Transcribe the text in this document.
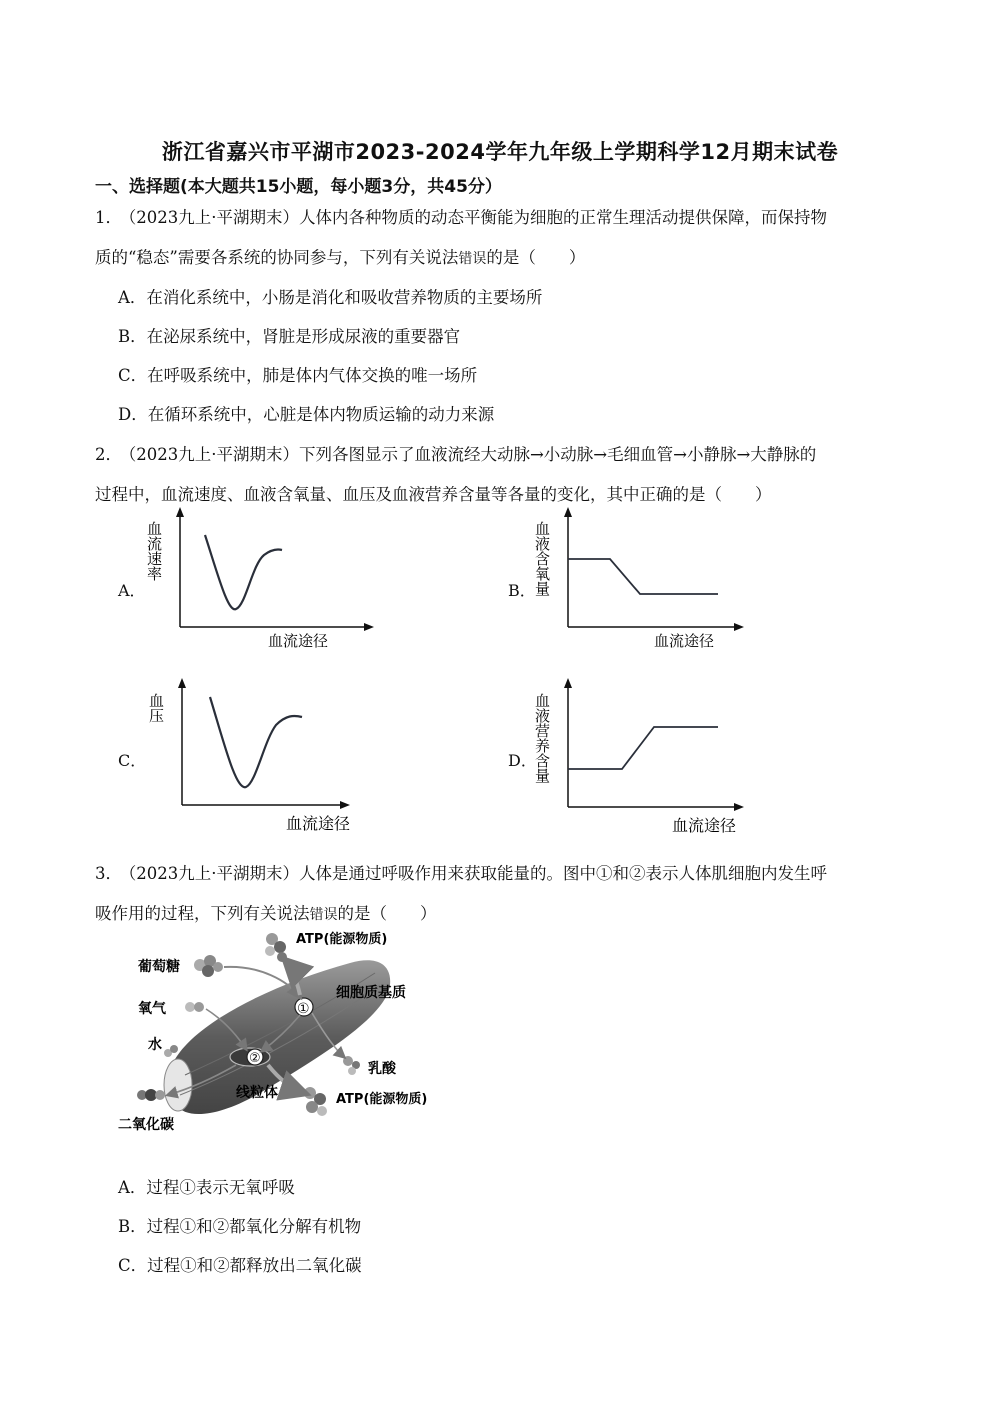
浙江省嘉兴市平湖市2023-2024学年九年级上学期科学12月期末试卷
一、选择题(本大题共15小题，每小题3分，共45分）
1． （2023九上·平湖期末）人体内各种物质的动态平衡能为细胞的正常生理活动提供保障，而保持物
质的“稳态”需要各系统的协同参与，下列有关说法错误的是（　　）
A．在消化系统中，小肠是消化和吸收营养物质的主要场所
B．在泌尿系统中，肾脏是形成尿液的重要器官
C．在呼吸系统中，肺是体内气体交换的唯一场所
D．在循环系统中，心脏是体内物质运输的动力来源
2． （2023九上·平湖期末）下列各图显示了血液流经大动脉→小动脉→毛细血管→小静脉→大静脉的
过程中，血流速度、血液含氧量、血压及血液营养含量等各量的变化，其中正确的是（　　）
A．
血流速率
血流途径
B．
血液含氧量
血流途径
C．
血压
血流途径
D．
血液营养含量
血流途径
3． （2023九上·平湖期末）人体是通过呼吸作用来获取能量的。图中①和②表示人体肌细胞内发生呼
吸作用的过程，下列有关说法错误的是（　　）
①
②
ATP(能源物质)
葡萄糖
氧气
水
二氧化碳
细胞质基质
线粒体
乳酸
ATP(能源物质)
A．过程①表示无氧呼吸
B．过程①和②都氧化分解有机物
C．过程①和②都释放出二氧化碳
